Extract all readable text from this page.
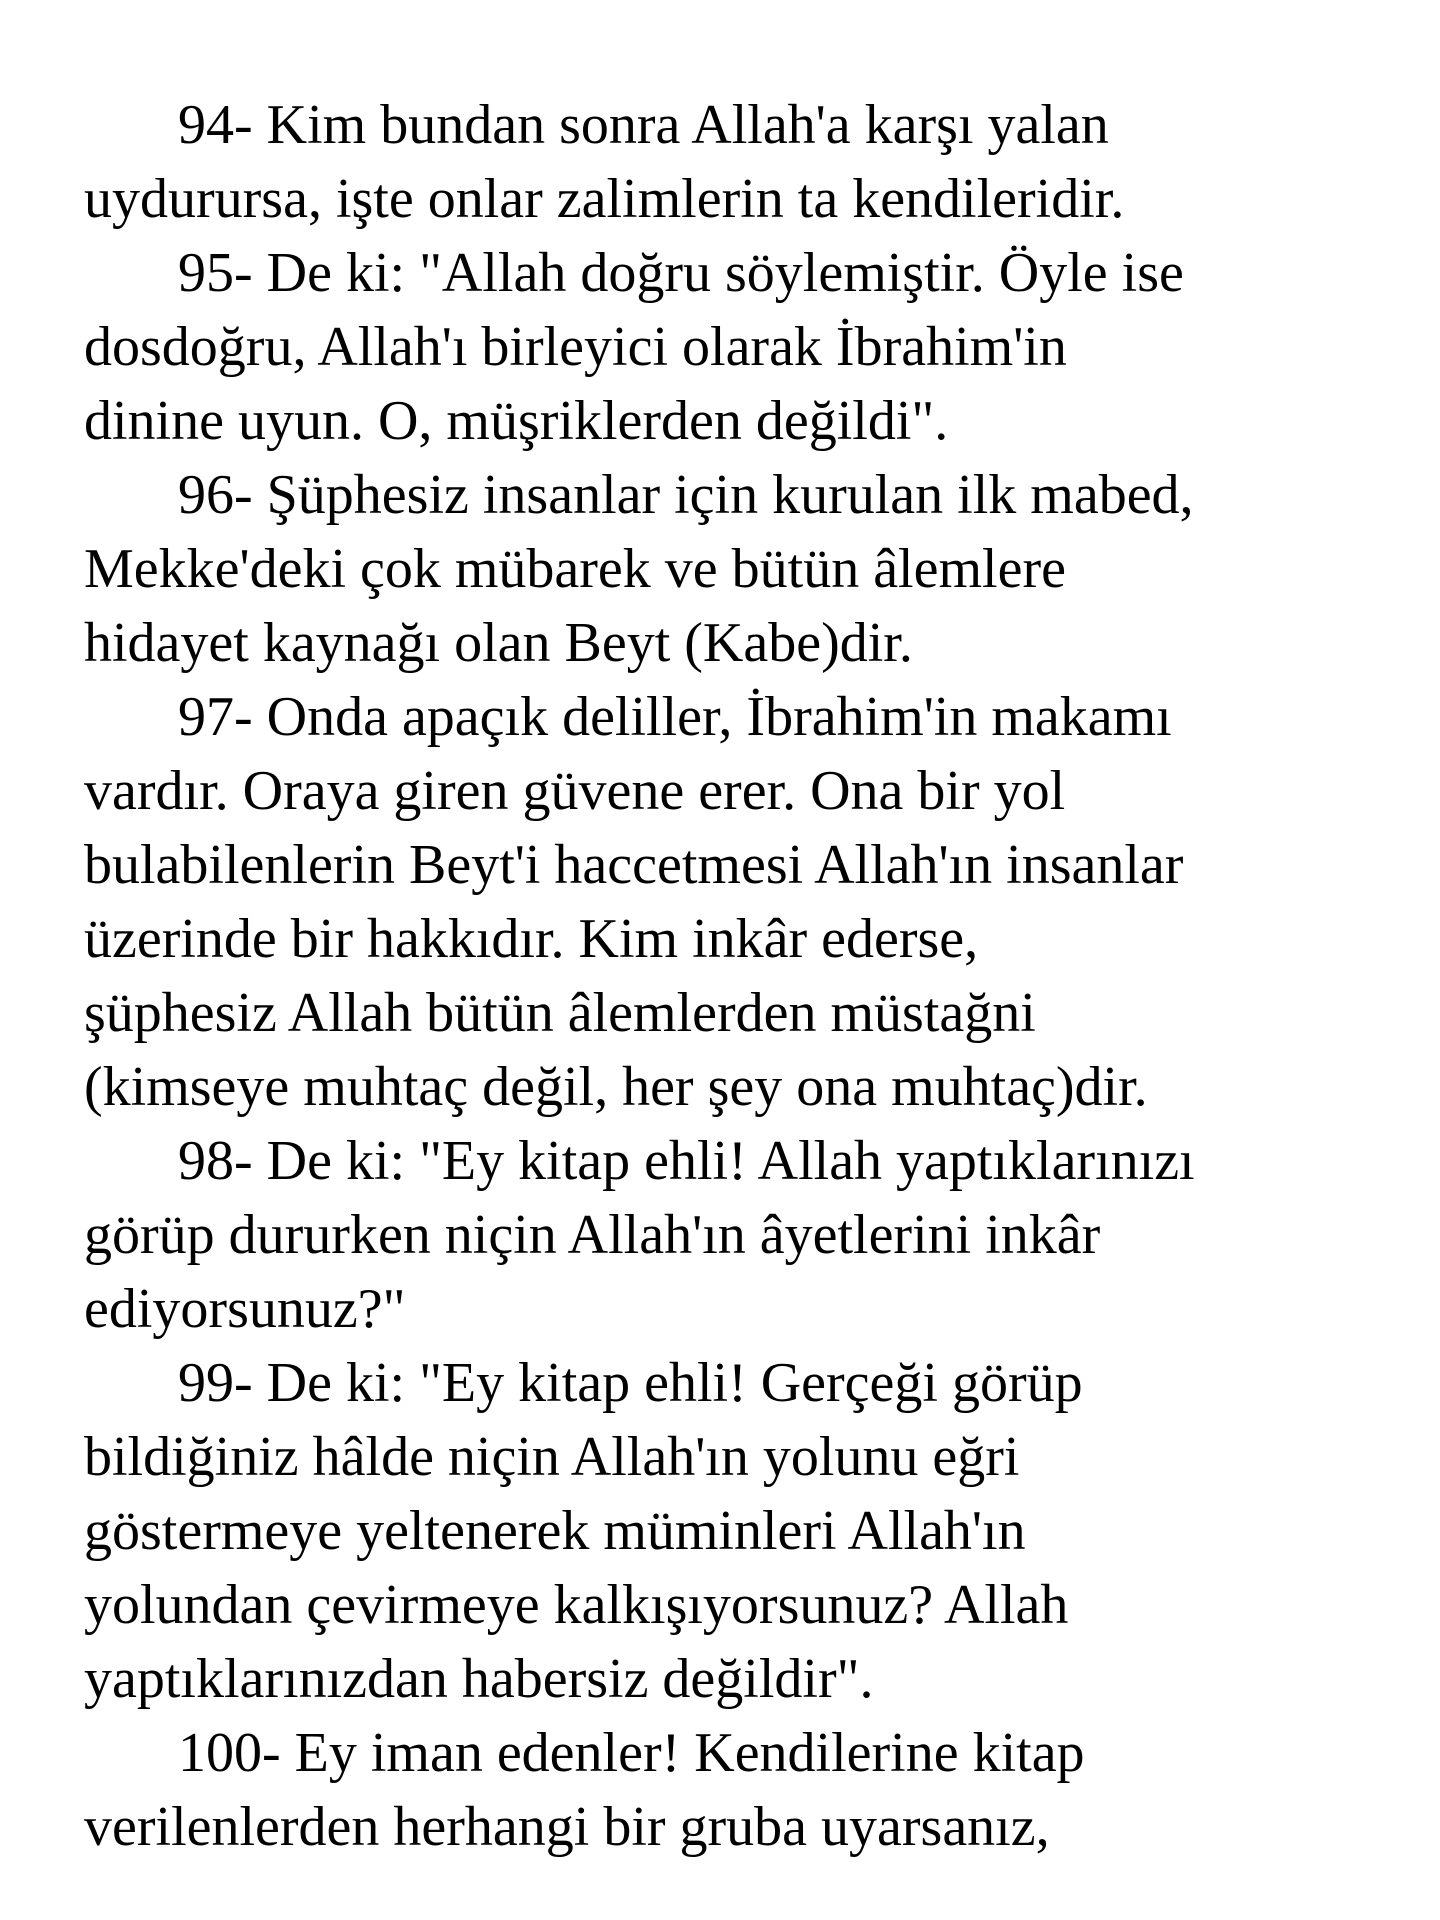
94- Kim bundan sonra Allah'a karşı yalan
uydurursa, işte onlar zalimlerin ta kendileridir.
95- De ki: "Allah doğru söylemiştir. Öyle ise
dosdoğru, Allah'ı birleyici olarak İbrahim'in
dinine uyun. O, müşriklerden değildi".
96- Şüphesiz insanlar için kurulan ilk mabed,
Mekke'deki çok mübarek ve bütün âlemlere
hidayet kaynağı olan Beyt (Kabe)dir.
97- Onda apaçık deliller, İbrahim'in makamı
vardır. Oraya giren güvene erer. Ona bir yol
bulabilenlerin Beyt'i haccetmesi Allah'ın insanlar
üzerinde bir hakkıdır. Kim inkâr ederse,
şüphesiz Allah bütün âlemlerden müstağni
(kimseye muhtaç değil, her şey ona muhtaç)dir.
98- De ki: "Ey kitap ehli! Allah yaptıklarınızı
görüp dururken niçin Allah'ın âyetlerini inkâr
ediyorsunuz?"
99- De ki: "Ey kitap ehli! Gerçeği görüp
bildiğiniz hâlde niçin Allah'ın yolunu eğri
göstermeye yeltenerek müminleri Allah'ın
yolundan çevirmeye kalkışıyorsunuz? Allah
yaptıklarınızdan habersiz değildir".
100- Ey iman edenler! Kendilerine kitap
verilenlerden herhangi bir gruba uyarsanız,
